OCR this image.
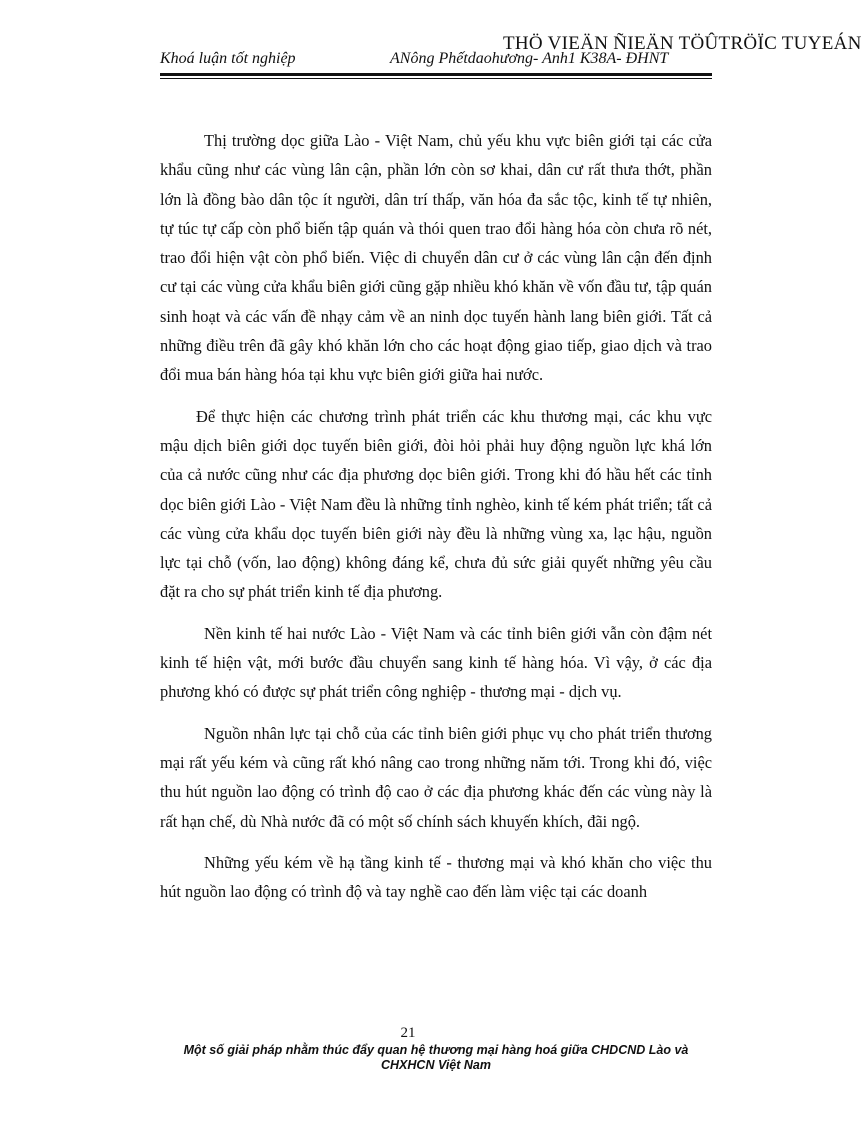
Khoá luận tốt nghiệp	ANông Phếtdaohương- Anh1 K38A- ĐHNT
THÖ VIEÄN ÑIEÄN TÖÛTRÖÏC TUYEÁN

Thị trường dọc giữa Lào - Việt Nam, chủ yếu khu vực biên giới tại các cửa khẩu cũng như các vùng lân cận, phần lớn còn sơ khai, dân cư rất thưa thớt, phần lớn là đồng bào dân tộc ít người, dân trí thấp, văn hóa đa sắc tộc, kinh tế tự nhiên, tự túc tự cấp còn phổ biến tập quán và thói quen trao đổi hàng hóa còn chưa rõ nét, trao đổi hiện vật còn phổ biến. Việc di chuyển dân cư ở các vùng lân cận đến định cư tại các vùng cửa khẩu biên giới cũng gặp nhiều khó khăn về vốn đầu tư, tập quán sinh hoạt và các vấn đề nhạy cảm về an ninh dọc tuyến hành lang biên giới. Tất cả những điều trên đã gây khó khăn lớn cho các hoạt động giao tiếp, giao dịch và trao đổi mua bán hàng hóa tại khu vực biên giới giữa hai nước.

Để thực hiện các chương trình phát triển các khu thương mại, các khu vực mậu dịch biên giới dọc tuyến biên giới, đòi hỏi phải huy động nguồn lực khá lớn của cả nước cũng như các địa phương dọc biên giới. Trong khi đó hầu hết các tỉnh dọc biên giới Lào - Việt Nam đều là những tỉnh nghèo, kinh tế kém phát triển; tất cả các vùng cửa khẩu dọc tuyến biên giới này đều là những vùng xa, lạc hậu, nguồn lực tại chỗ (vốn, lao động) không đáng kể, chưa đủ sức giải quyết những yêu cầu đặt ra cho sự phát triển kinh tế địa phương.

Nền kinh tế hai nước Lào - Việt Nam và các tỉnh biên giới vẫn còn đậm nét kinh tế hiện vật, mới bước đầu chuyển sang kinh tế hàng hóa. Vì vậy, ở các địa phương khó có được sự phát triển công nghiệp - thương mại - dịch vụ.

Nguồn nhân lực tại chỗ của các tỉnh biên giới phục vụ cho phát triển thương mại rất yếu kém và cũng rất khó nâng cao trong những năm tới. Trong khi đó, việc thu hút nguồn lao động có trình độ cao ở các địa phương khác đến các vùng này là rất hạn chế, dù Nhà nước đã có một số chính sách khuyến khích, đãi ngộ.

Những yếu kém về hạ tầng kinh tế - thương mại và khó khăn cho việc thu hút nguồn lao động có trình độ và tay nghề cao đến làm việc tại các doanh

21
Một số giải pháp nhằm thúc đẩy quan hệ thương mại hàng hoá giữa CHDCND Lào và
CHXHCN Việt Nam
